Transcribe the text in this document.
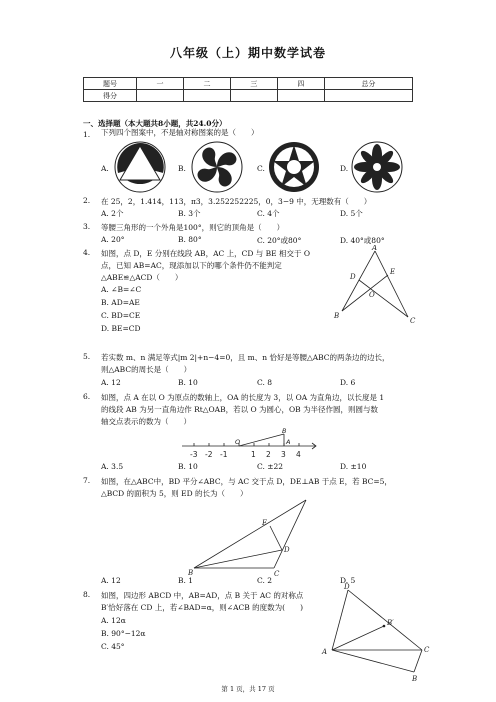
八年级（上）期中数学试卷
题号	一	二	三	四	总分
得分					
一、选择题（本大题共8小题，共24.0分）
1. 下列四个图案中，不是轴对称图案的是（　　）
A.	B.	C.	D.
2. 在 25，2，1.414，113，π3，3.252252225，0，3−9 中，无理数有（　　）
A. 2个	B. 3个	C. 4个	D. 5个
3. 等腰三角形的一个外角是100°，则它的顶角是（　　）
A. 20°	B. 80°	C. 20°或80°	D. 40°或80°
4. 如图，点 D，E 分别在线段 AB，AC 上，CD 与 BE 相交于 O
点，已知 AB=AC，现添加以下的哪个条件仍不能判定
△ABE≌△ACD（　　）
A. ∠B=∠C
B. AD=AE
C. BD=CE
D. BE=CD
A
D
E
O
B
C
5. 若实数 m、n 满足等式|m 2|+n−4=0，且 m、n 恰好是等腰△ABC的两条边的边长，
则△ABC的周长是（　　）
A. 12	B. 10	C. 8	D. 6
6. 如图，点 A 在以 O 为原点的数轴上，OA 的长度为 3，以 OA 为直角边，以长度是 1
的线段 AB 为另一直角边作 Rt△OAB，若以 O 为圆心，OB 为半径作圆，则圆与数
轴交点表示的数为（　　）
-3 -2 -1
O
1 2 3 4
B
A
A. 3.5	B. 10	C. ±22	D. ±10
7. 如图，在△ABC中，BD 平分∠ABC，与 AC 交于点 D，DE⊥AB 于点 E，若 BC=5，
△BCD 的面积为 5，则 ED 的长为（　　）
E
D
B	C
A. 12	B. 1	C. 2	D. 5
8. 如图，四边形 ABCD 中，AB=AD，点 B 关于 AC 的对称点
B′恰好落在 CD 上，若∠BAD=α，则∠ACB 的度数为(　　)
A. 12α
B. 90°−12α
C. 45°
D
B′
A	C
B
第 1 页，共 17 页
